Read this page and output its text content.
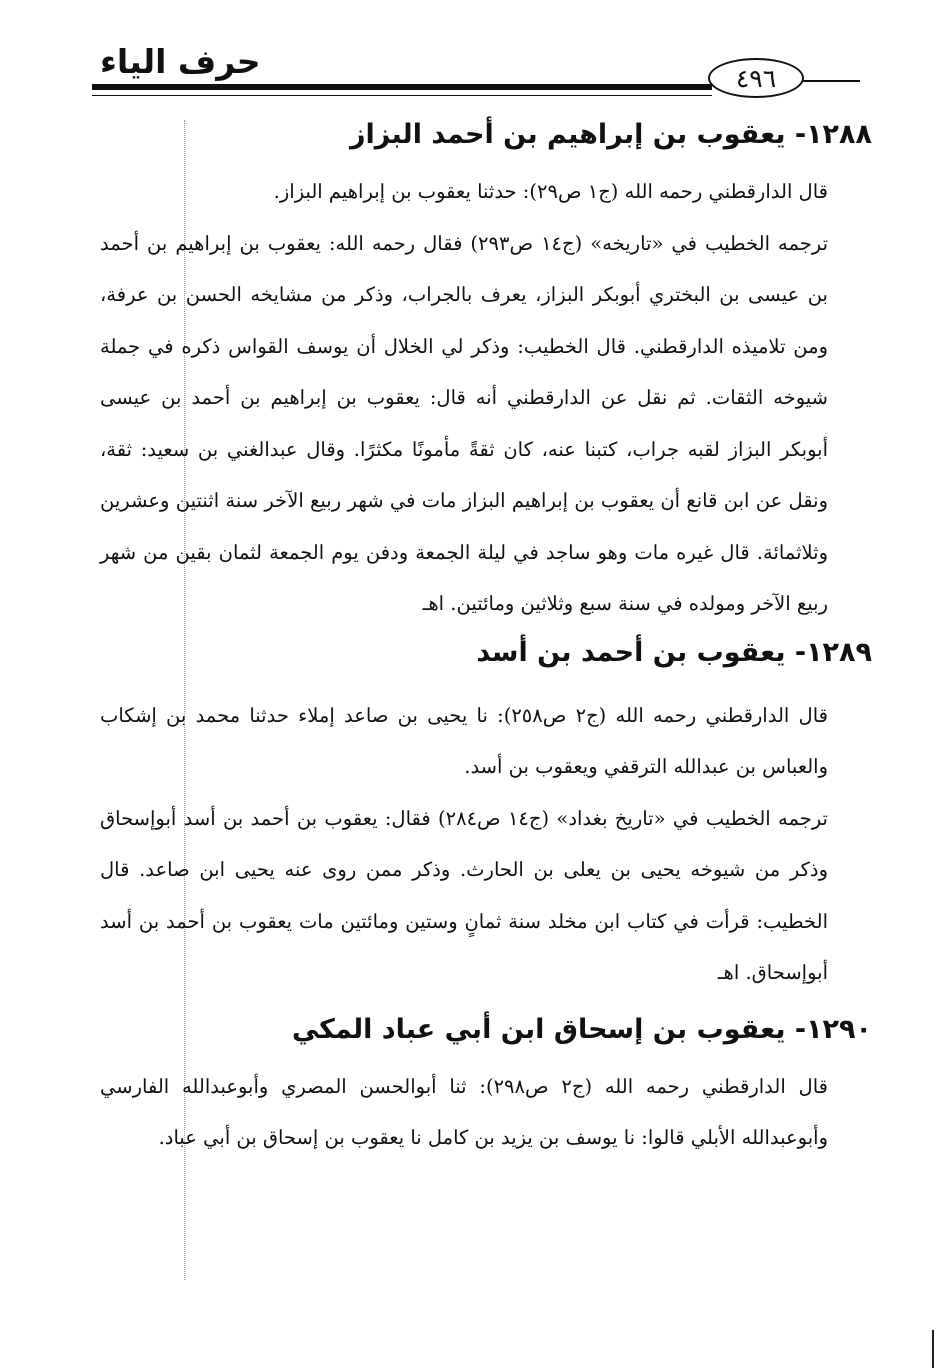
حرف الياء	٤٩٦
١٢٨٨- يعقوب بن إبراهيم بن أحمد البزاز

قال الدارقطني رحمه الله (ج١ ص٢٩): حدثنا يعقوب بن إبراهيم البزاز.

ترجمه الخطيب في «تاريخه» (ج١٤ ص٢٩٣) فقال رحمه الله: يعقوب بن إبراهيم بن أحمد بن عيسى بن البختري أبوبكر البزاز، يعرف بالجراب، وذكر من مشايخه الحسن بن عرفة، ومن تلاميذه الدارقطني. قال الخطيب: وذكر لي الخلال أن يوسف القواس ذكره في جملة شيوخه الثقات. ثم نقل عن الدارقطني أنه قال: يعقوب بن إبراهيم بن أحمد بن عيسى أبوبكر البزاز لقبه جراب، كتبنا عنه، كان ثقةً مأمونًا مكثرًا. وقال عبدالغني بن سعيد: ثقة، ونقل عن ابن قانع أن يعقوب بن إبراهيم البزاز مات في شهر ربيع الآخر سنة اثنتين وعشرين وثلاثمائة. قال غيره مات وهو ساجد في ليلة الجمعة ودفن يوم الجمعة لثمان بقين من شهر ربيع الآخر ومولده في سنة سبع وثلاثين ومائتين. اهـ

١٢٨٩- يعقوب بن أحمد بن أسد

قال الدارقطني رحمه الله (ج٢ ص٢٥٨): نا يحيى بن صاعد إملاء حدثنا محمد بن إشكاب والعباس بن عبدالله الترقفي ويعقوب بن أسد.

ترجمه الخطيب في «تاريخ بغداد» (ج١٤ ص٢٨٤) فقال: يعقوب بن أحمد بن أسد أبوإسحاق وذكر من شيوخه يحيى بن يعلى بن الحارث. وذكر ممن روى عنه يحيى ابن صاعد. قال الخطيب: قرأت في كتاب ابن مخلد سنة ثمانٍ وستين ومائتين مات يعقوب بن أحمد بن أسد أبوإسحاق. اهـ

١٢٩٠- يعقوب بن إسحاق ابن أبي عباد المكي

قال الدارقطني رحمه الله (ج٢ ص٢٩٨): ثنا أبوالحسن المصري وأبوعبدالله الفارسي وأبوعبدالله الأبلي قالوا: نا يوسف بن يزيد بن كامل نا يعقوب بن إسحاق بن أبي عباد.
